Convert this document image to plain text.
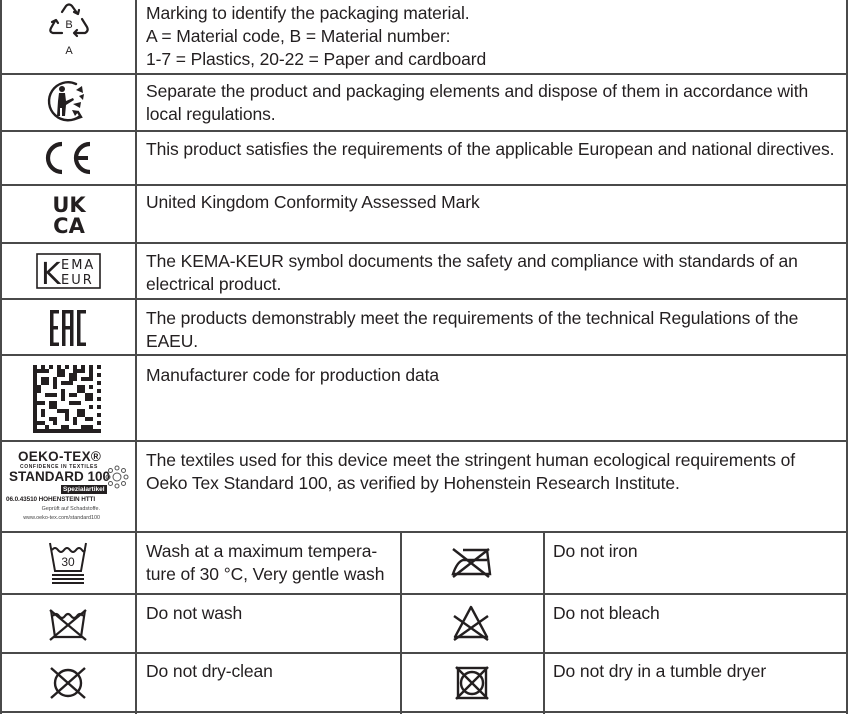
B
A
Marking to identify the packaging material.
A = Material code, B = Material number:
1-7 = Plastics, 20-22 = Paper and cardboard
Separate the product and packaging elements and dispose of them in accordance with
local regulations.
This product satisfies the requirements of the applicable European and national directives.
UK
CA
United Kingdom Conformity Assessed Mark
K EMA
EUR
The KEMA-KEUR symbol documents the safety and compliance with standards of an
electrical product.
The products demonstrably meet the requirements of the technical Regulations of the
EAEU.
Manufacturer code for production data
OEKO-TEX®
CONFIDENCE IN TEXTILES
STANDARD 100
Spezialartikel
06.0.43510 HOHENSTEIN HTTI
Geprüft auf Schadstoffe.
www.oeko-tex.com/standard100
The textiles used for this device meet the stringent human ecological requirements of
Oeko Tex Standard 100, as verified by Hohenstein Research Institute.
30
Wash at a maximum tempera-
ture of 30 °C, Very gentle wash
Do not iron
Do not wash	Do not bleach
Do not dry-clean	Do not dry in a tumble dryer
